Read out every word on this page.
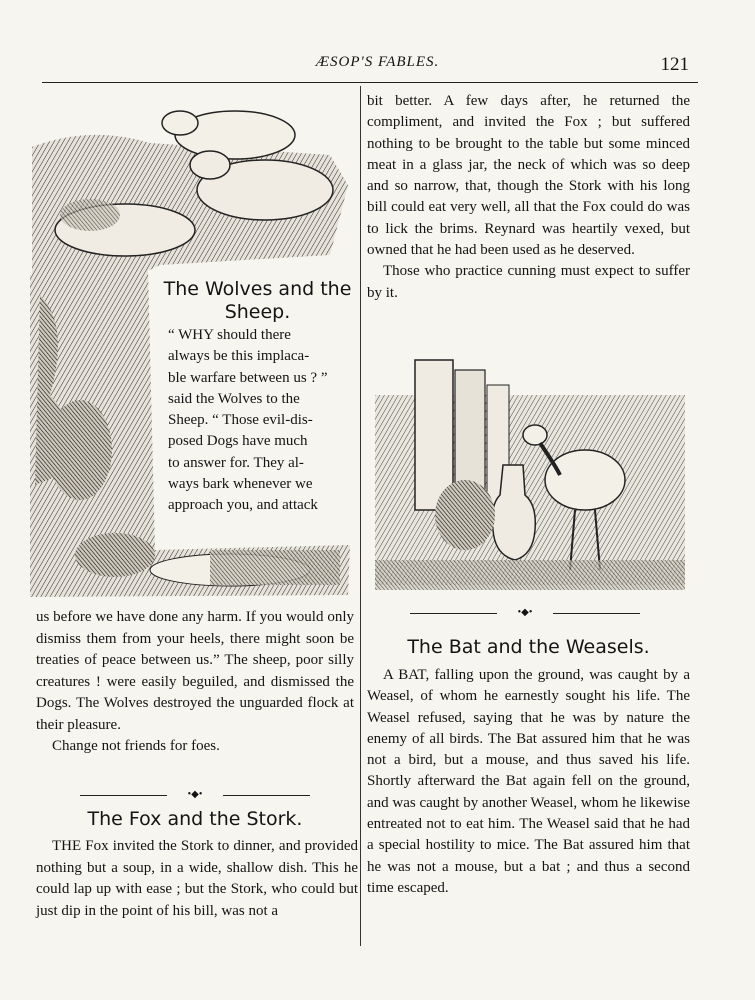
ÆSOP'S FABLES.	121
The Wolves and the Sheep.
“ WHY should there
always be this implaca-
ble warfare between us ? ”
said the Wolves to the
Sheep. “ Those evil-dis-
posed Dogs have much
to answer for. They al-
ways bark whenever we
approach you, and attack

us before we have done any harm. If you would only dismiss them from your heels, there might soon be treaties of peace between us.” The sheep, poor silly creatures ! were easily beguiled, and dismissed the Dogs. The Wolves destroyed the unguarded flock at their pleasure.

Change not friends for foes.

•◆•
The Fox and the Stork.

THE Fox invited the Stork to dinner, and provided nothing but a soup, in a wide, shallow dish. This he could lap up with ease ; but the Stork, who could but just dip in the point of his bill, was not a

bit better. A few days after, he returned the compliment, and invited the Fox ; but suffered nothing to be brought to the table but some minced meat in a glass jar, the neck of which was so deep and so narrow, that, though the Stork with his long bill could eat very well, all that the Fox could do was to lick the brims. Reynard was heartily vexed, but owned that he had been used as he deserved.

Those who practice cunning must expect to suffer by it.

•◆•
The Bat and the Weasels.

A BAT, falling upon the ground, was caught by a Weasel, of whom he earnestly sought his life. The Weasel refused, saying that he was by nature the enemy of all birds. The Bat assured him that he was not a bird, but a mouse, and thus saved his life. Shortly afterward the Bat again fell on the ground, and was caught by another Weasel, whom he likewise entreated not to eat him. The Weasel said that he had a special hostility to mice. The Bat assured him that he was not a mouse, but a bat ; and thus a second time escaped.
